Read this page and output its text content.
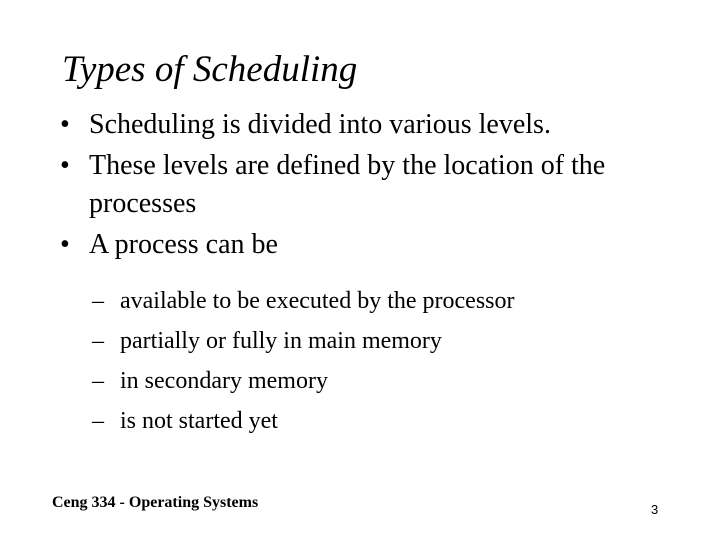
Types of Scheduling
• Scheduling is divided into various levels.
• These levels are defined by the location of the processes
• A process can be
– available to be executed by the processor
– partially or fully in main memory
– in secondary memory
– is not started yet
Ceng 334 - Operating Systems	3
